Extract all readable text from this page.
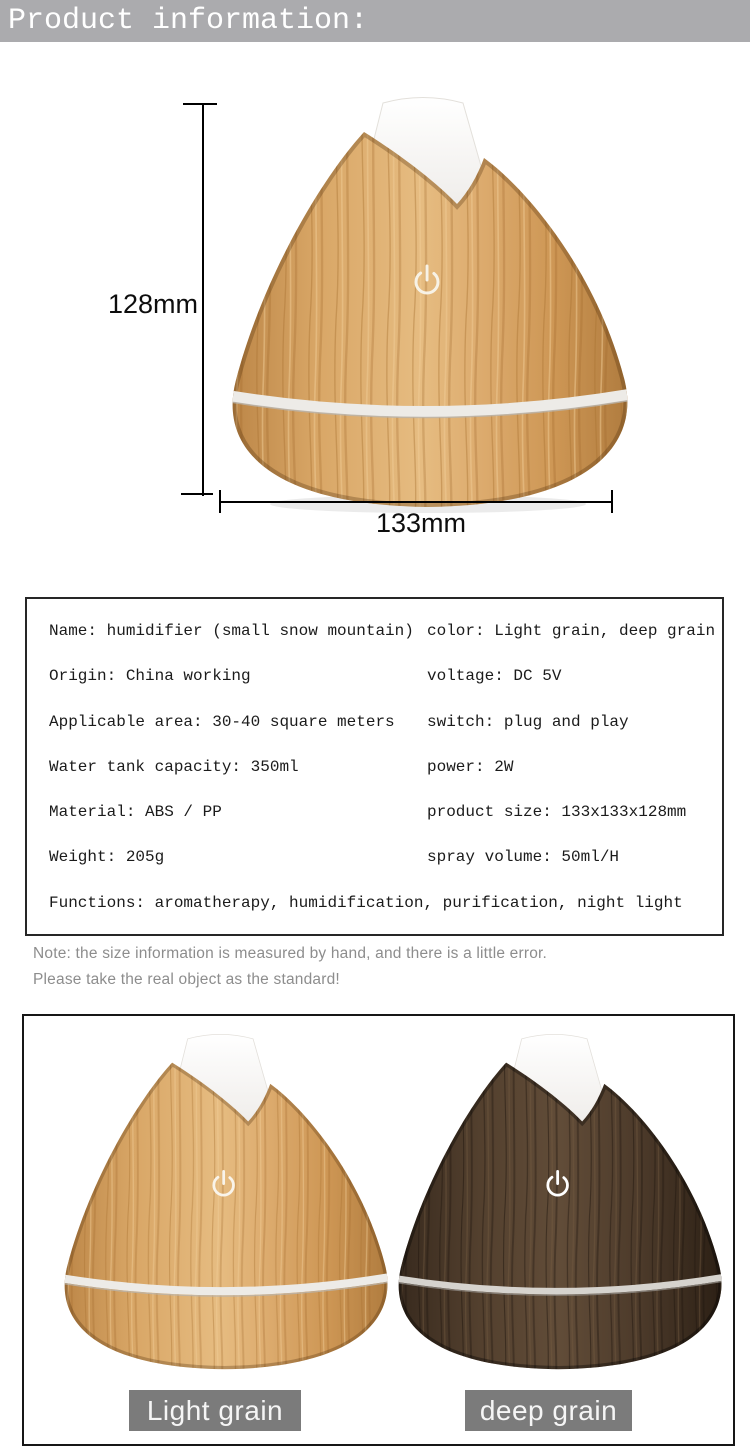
Product information:
128mm
133mm
Name: humidifier (small snow mountain) color: Light grain, deep grain
Origin: China working	voltage: DC 5V
Applicable area: 30-40 square meters	switch: plug and play
Water tank capacity: 350ml	power: 2W
Material: ABS / PP	product size: 133x133x128mm
Weight: 205g	spray volume: 50ml/H
Functions: aromatherapy, humidification, purification, night light
Note: the size information is measured by hand, and there is a little error.
Please take the real object as the standard!
Light grain	deep grain
